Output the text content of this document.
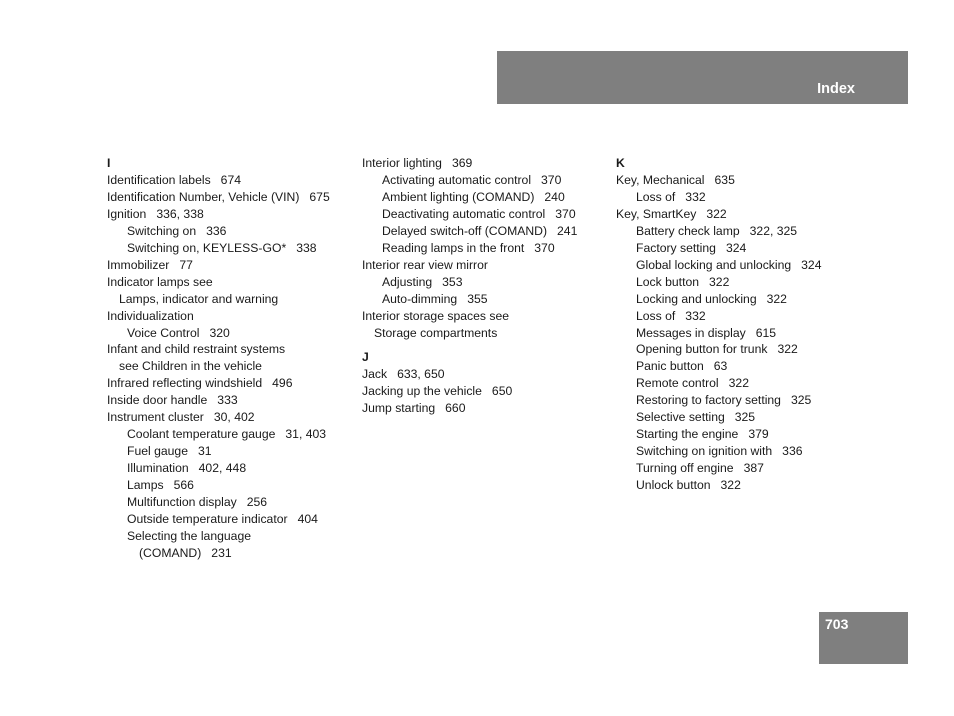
Index
I
Identification labels 674
Identification Number, Vehicle (VIN) 675
Ignition 336, 338
Switching on 336
Switching on, KEYLESS-GO* 338
Immobilizer 77
Indicator lamps see
Lamps, indicator and warning
Individualization
Voice Control 320
Infant and child restraint systems
see Children in the vehicle
Infrared reflecting windshield 496
Inside door handle 333
Instrument cluster 30, 402
Coolant temperature gauge 31, 403
Fuel gauge 31
Illumination 402, 448
Lamps 566
Multifunction display 256
Outside temperature indicator 404
Selecting the language
(COMAND) 231
Interior lighting 369
Activating automatic control 370
Ambient lighting (COMAND) 240
Deactivating automatic control 370
Delayed switch-off (COMAND) 241
Reading lamps in the front 370
Interior rear view mirror
Adjusting 353
Auto-dimming 355
Interior storage spaces see
Storage compartments
J
Jack 633, 650
Jacking up the vehicle 650
Jump starting 660
K
Key, Mechanical 635
Loss of 332
Key, SmartKey 322
Battery check lamp 322, 325
Factory setting 324
Global locking and unlocking 324
Lock button 322
Locking and unlocking 322
Loss of 332
Messages in display 615
Opening button for trunk 322
Panic button 63
Remote control 322
Restoring to factory setting 325
Selective setting 325
Starting the engine 379
Switching on ignition with 336
Turning off engine 387
Unlock button 322
703
